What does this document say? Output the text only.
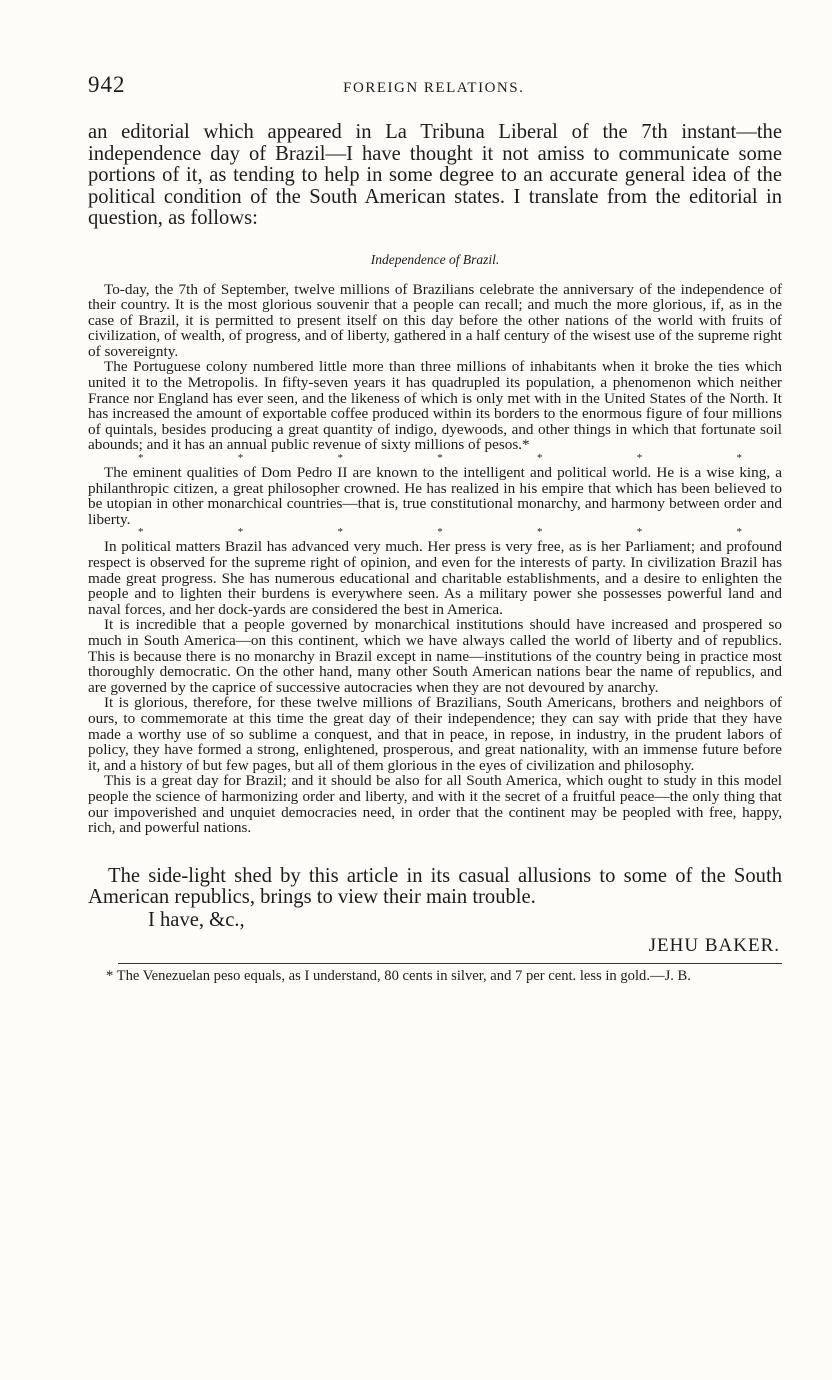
942	FOREIGN RELATIONS.

an editorial which appeared in La Tribuna Liberal of the 7th instant—the independence day of Brazil—I have thought it not amiss to communicate some portions of it, as tending to help in some degree to an accurate general idea of the political condition of the South American states. I translate from the editorial in question, as follows:

Independence of Brazil.

To-day, the 7th of September, twelve millions of Brazilians celebrate the anniversary of the independence of their country. It is the most glorious souvenir that a people can recall; and much the more glorious, if, as in the case of Brazil, it is permitted to present itself on this day before the other nations of the world with fruits of civilization, of wealth, of progress, and of liberty, gathered in a half century of the wisest use of the supreme right of sovereignty.

The Portuguese colony numbered little more than three millions of inhabitants when it broke the ties which united it to the Metropolis. In fifty-seven years it has quadrupled its population, a phenomenon which neither France nor England has ever seen, and the likeness of which is only met with in the United States of the North. It has increased the amount of exportable coffee produced within its borders to the enormous figure of four millions of quintals, besides producing a great quantity of indigo, dyewoods, and other things in which that fortunate soil abounds; and it has an annual public revenue of sixty millions of pesos.*

*	*	*	*	*	*	*

The eminent qualities of Dom Pedro II are known to the intelligent and political world. He is a wise king, a philanthropic citizen, a great philosopher crowned. He has realized in his empire that which has been believed to be utopian in other monarchical countries—that is, true constitutional monarchy, and harmony between order and liberty.

*	*	*	*	*	*	*

In political matters Brazil has advanced very much. Her press is very free, as is her Parliament; and profound respect is observed for the supreme right of opinion, and even for the interests of party. In civilization Brazil has made great progress. She has numerous educational and charitable establishments, and a desire to enlighten the people and to lighten their burdens is everywhere seen. As a military power she possesses powerful land and naval forces, and her dock-yards are considered the best in America.

It is incredible that a people governed by monarchical institutions should have increased and prospered so much in South America—on this continent, which we have always called the world of liberty and of republics. This is because there is no monarchy in Brazil except in name—institutions of the country being in practice most thoroughly democratic. On the other hand, many other South American nations bear the name of republics, and are governed by the caprice of successive autocracies when they are not devoured by anarchy.

It is glorious, therefore, for these twelve millions of Brazilians, South Americans, brothers and neighbors of ours, to commemorate at this time the great day of their independence; they can say with pride that they have made a worthy use of so sublime a conquest, and that in peace, in repose, in industry, in the prudent labors of policy, they have formed a strong, enlightened, prosperous, and great nationality, with an immense future before it, and a history of but few pages, but all of them glorious in the eyes of civilization and philosophy.

This is a great day for Brazil; and it should be also for all South America, which ought to study in this model people the science of harmonizing order and liberty, and with it the secret of a fruitful peace—the only thing that our impoverished and unquiet democracies need, in order that the continent may be peopled with free, happy, rich, and powerful nations.

The side-light shed by this article in its casual allusions to some of the South American republics, brings to view their main trouble.

I have, &c.,
JEHU BAKER.
* The Venezuelan peso equals, as I understand, 80 cents in silver, and 7 per cent. less in gold.—J. B.
